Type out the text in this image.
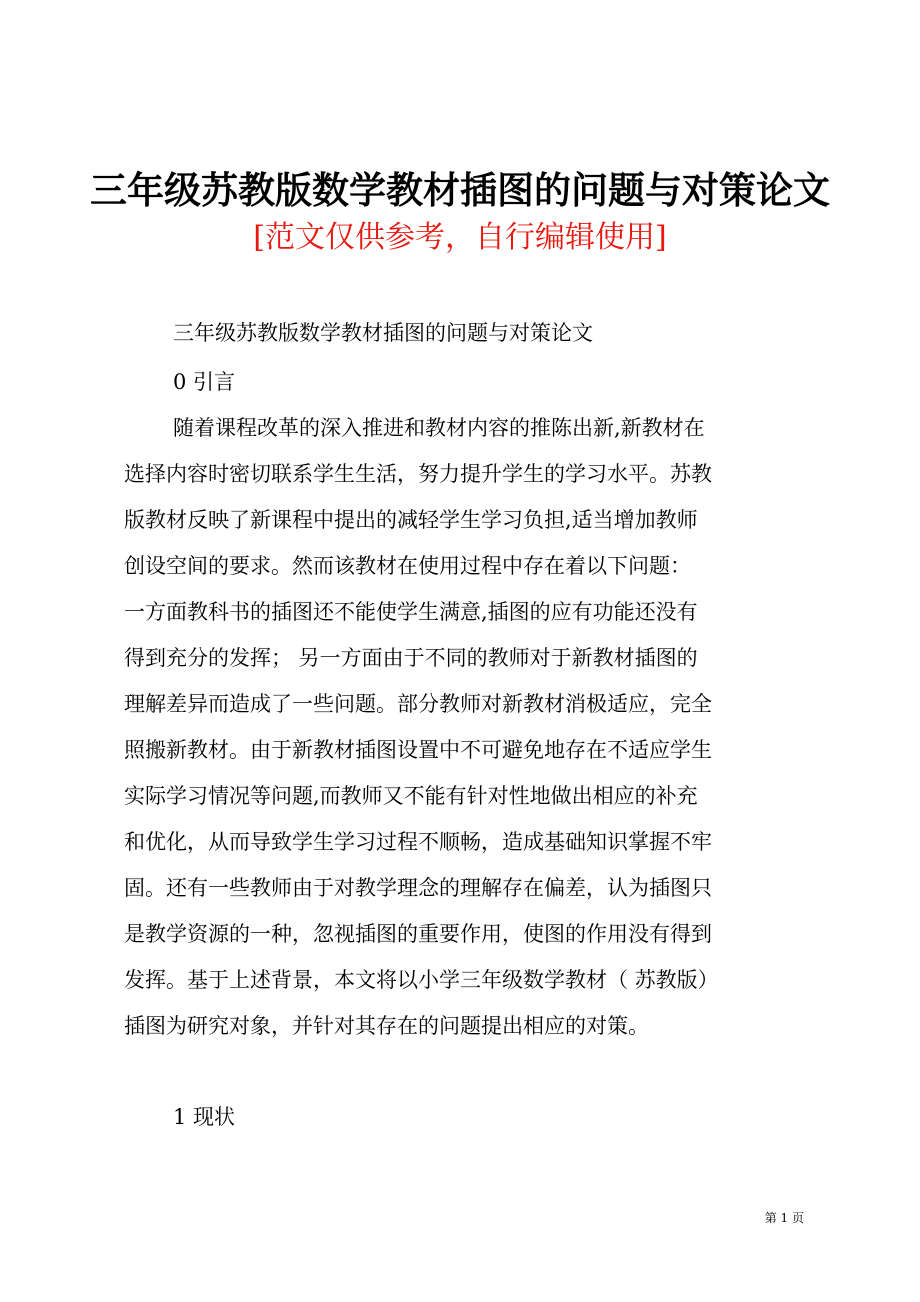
三年级苏教版数学教材插图的问题与对策论文
[范文仅供参考，自行编辑使用]
三年级苏教版数学教材插图的问题与对策论文
0 引言
随着课程改革的深入推进和教材内容的推陈出新,新教材在
选择内容时密切联系学生生活，努力提升学生的学习水平。苏教
版教材反映了新课程中提出的减轻学生学习负担,适当增加教师
创设空间的要求。然而该教材在使用过程中存在着以下问题：
一方面教科书的插图还不能使学生满意,插图的应有功能还没有
得到充分的发挥； 另一方面由于不同的教师对于新教材插图的
理解差异而造成了一些问题。部分教师对新教材消极适应，完全
照搬新教材。由于新教材插图设置中不可避免地存在不适应学生
实际学习情况等问题,而教师又不能有针对性地做出相应的补充
和优化，从而导致学生学习过程不顺畅，造成基础知识掌握不牢
固。还有一些教师由于对教学理念的理解存在偏差，认为插图只
是教学资源的一种，忽视插图的重要作用，使图的作用没有得到
发挥。基于上述背景，本文将以小学三年级数学教材（ 苏教版）
插图为研究对象，并针对其存在的问题提出相应的对策。
1 现状
第 1 页
